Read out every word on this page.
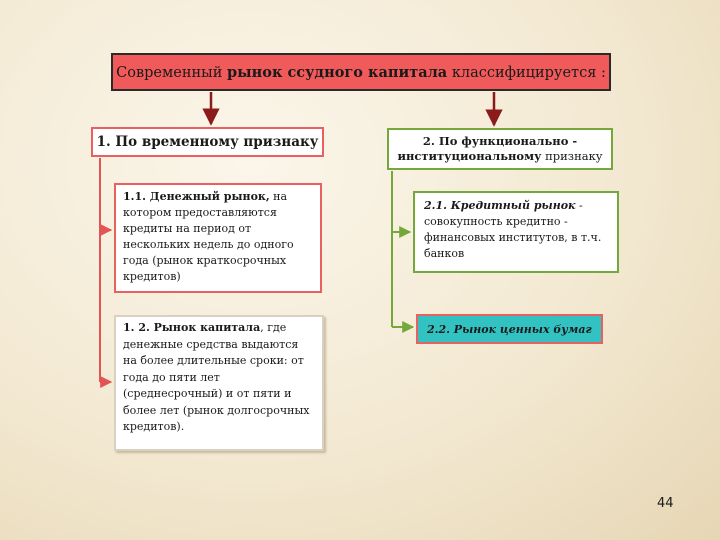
Современный рынок ссудного капитала классифицируется :
1. По временному признаку	2. По функционально -
институциональному признаку
1.1. Денежный рынок, на котором предоставляются кредиты на период от нескольких недель до одного года (рынок краткосрочных кредитов)
1. 2. Рынок капитала, где денежные средства выдаются на более длительные сроки: от года до пяти лет (среднесрочный) и от пяти и более лет (рынок долгосрочных кредитов).
2.1. Кредитный рынок - совокупность кредитно - финансовых институтов, в т.ч. банков
2.2. Рынок ценных бумаг
44
